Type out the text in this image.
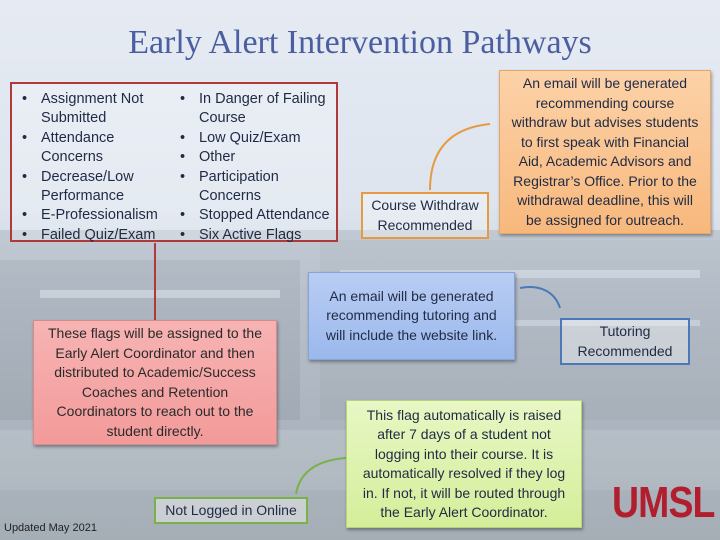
Early Alert Intervention Pathways
• Assignment Not Submitted
• Attendance Concerns
• Decrease/Low Performance
• E-Professionalism
• Failed Quiz/Exam
• In Danger of Failing Course
• Low Quiz/Exam
• Other
• Participation Concerns
• Stopped Attendance
• Six Active Flags
These flags will be assigned to the Early Alert Coordinator and then distributed to Academic/Success Coaches and Retention Coordinators to reach out to the student directly.
An email will be generated recommending course withdraw but advises students to first speak with Financial Aid, Academic Advisors and Registrar’s Office. Prior to the withdrawal deadline, this will be assigned for outreach.
Course Withdraw Recommended
An email will be generated recommending tutoring and will include the website link.	Tutoring Recommended
This flag automatically is raised after 7 days of a student not logging into their course. It is automatically resolved if they log in. If not, it will be routed through the Early Alert Coordinator.
Not Logged in Online
Updated May 2021
UMSL
